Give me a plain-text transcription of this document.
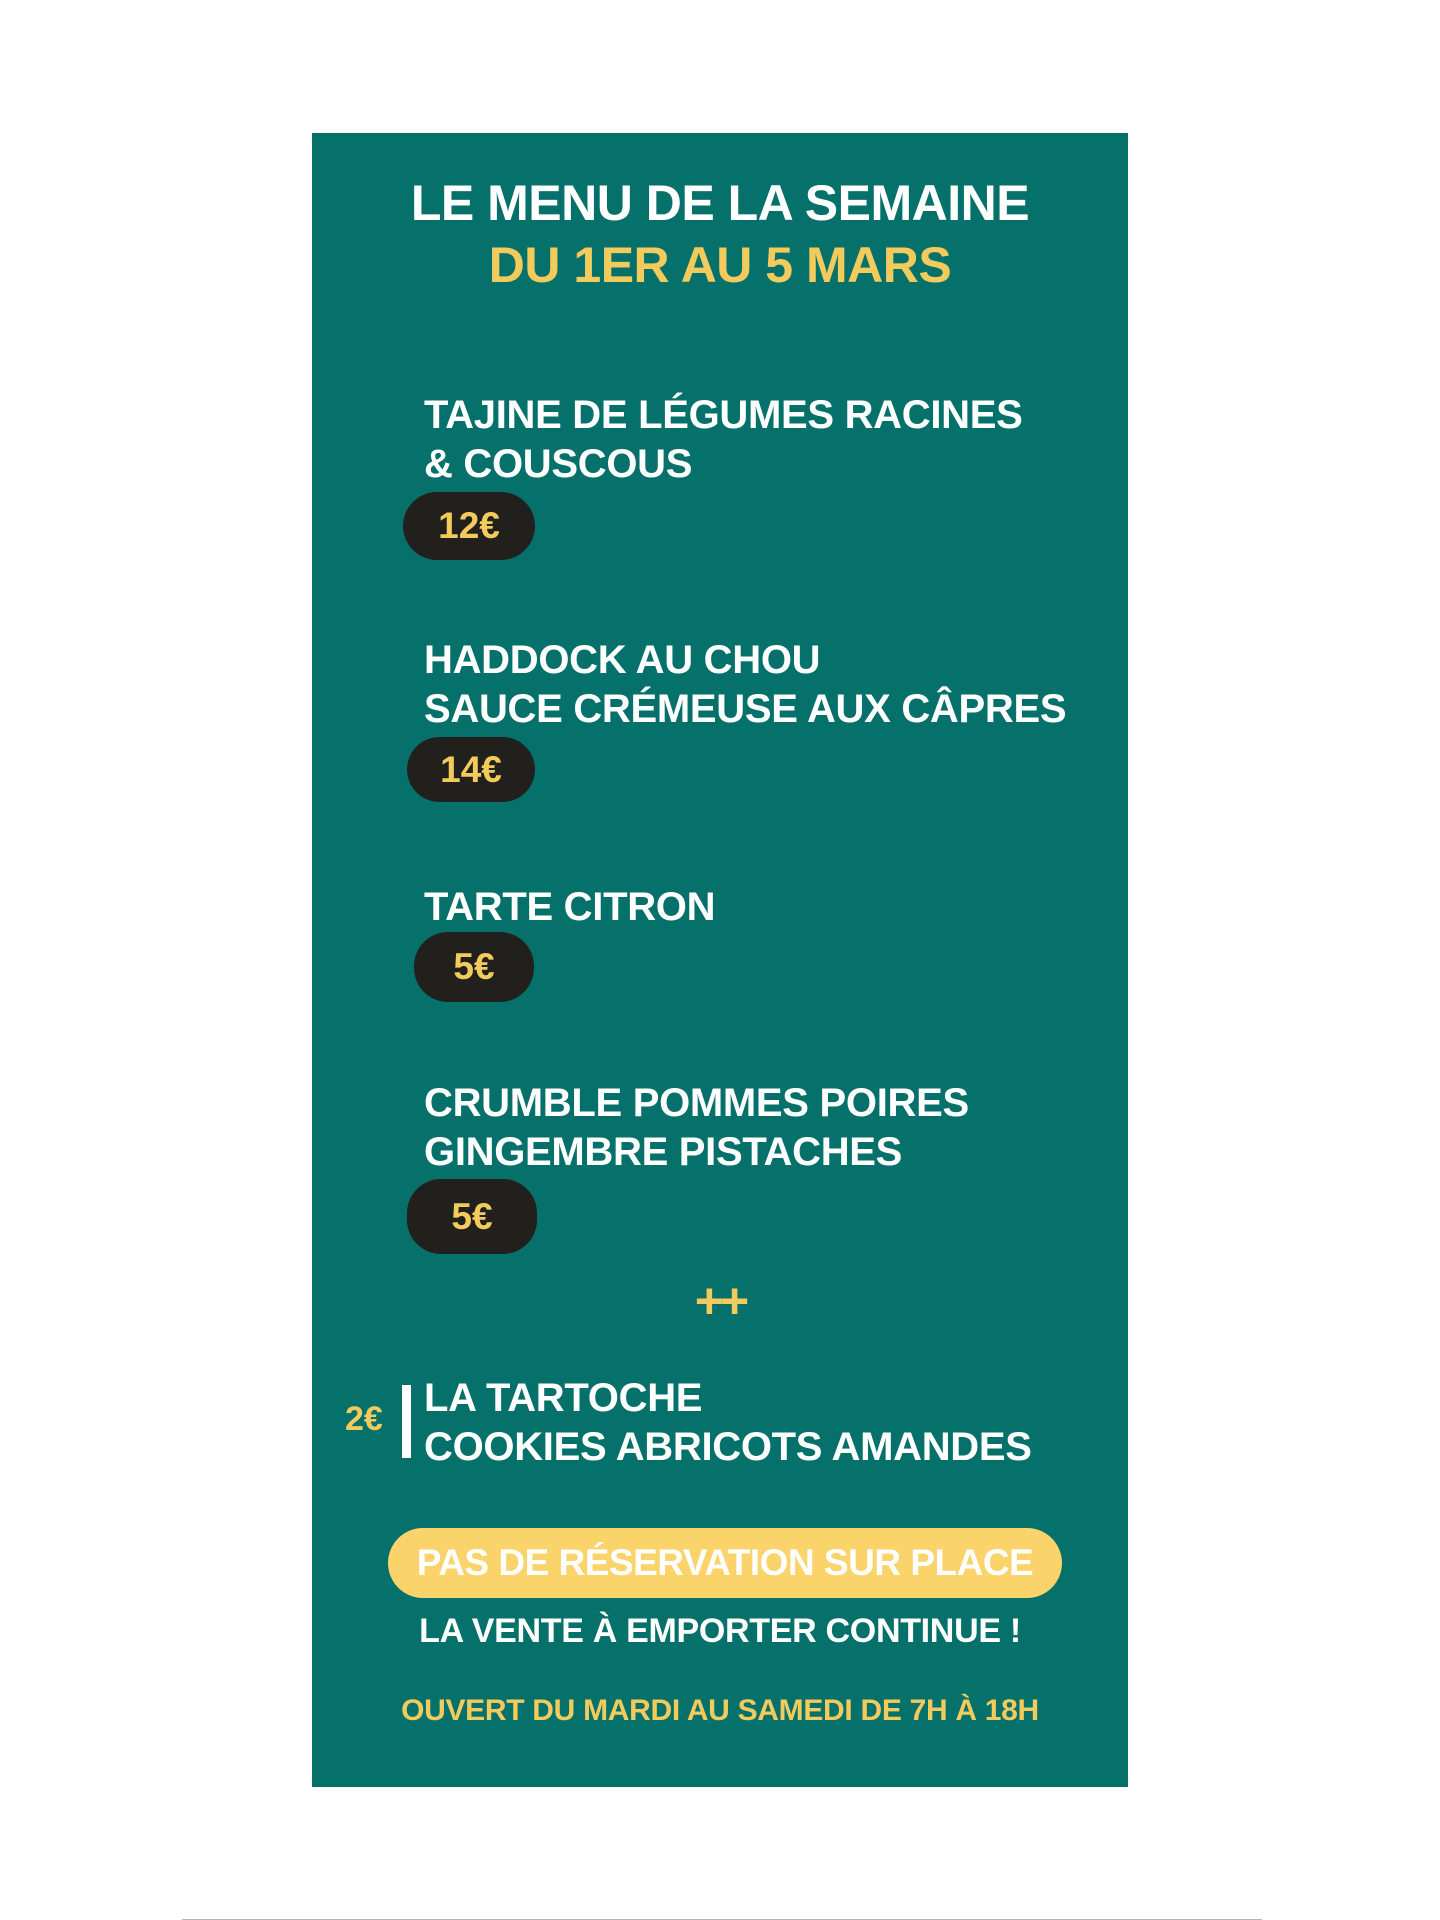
LE MENU DE LA SEMAINE
DU 1ER AU 5 MARS
TAJINE DE LÉGUMES RACINES
& COUSCOUS
12€
HADDOCK AU CHOU
SAUCE CRÉMEUSE AUX CÂPRES
14€
TARTE CITRON
5€
CRUMBLE POMMES POIRES
GINGEMBRE PISTACHES
5€
++
2€ LA TARTOCHE
COOKIES ABRICOTS AMANDES
PAS DE RÉSERVATION SUR PLACE
LA VENTE À EMPORTER CONTINUE !
OUVERT DU MARDI AU SAMEDI DE 7H À 18H
